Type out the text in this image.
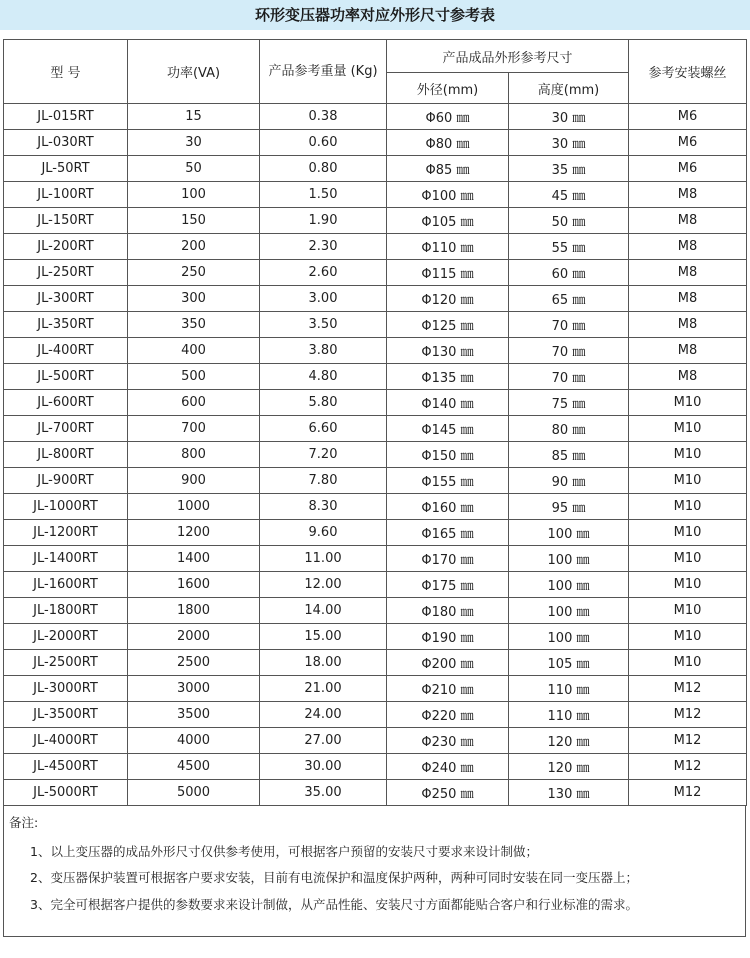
环形变压器功率对应外形尺寸参考表
型 号	功率(VA)	产品参考重量 (Kg)	产品成品外形参考尺寸		参考安装螺丝
			外径(mm)	高度(mm)	
JL-015RT	15	0.38	Φ60 ㎜	30 ㎜	M6
JL-030RT	30	0.60	Φ80 ㎜	30 ㎜	M6
JL-50RT	50	0.80	Φ85 ㎜	35 ㎜	M6
JL-100RT	100	1.50	Φ100 ㎜	45 ㎜	M8
JL-150RT	150	1.90	Φ105 ㎜	50 ㎜	M8
JL-200RT	200	2.30	Φ110 ㎜	55 ㎜	M8
JL-250RT	250	2.60	Φ115 ㎜	60 ㎜	M8
JL-300RT	300	3.00	Φ120 ㎜	65 ㎜	M8
JL-350RT	350	3.50	Φ125 ㎜	70 ㎜	M8
JL-400RT	400	3.80	Φ130 ㎜	70 ㎜	M8
JL-500RT	500	4.80	Φ135 ㎜	70 ㎜	M8
JL-600RT	600	5.80	Φ140 ㎜	75 ㎜	M10
JL-700RT	700	6.60	Φ145 ㎜	80 ㎜	M10
JL-800RT	800	7.20	Φ150 ㎜	85 ㎜	M10
JL-900RT	900	7.80	Φ155 ㎜	90 ㎜	M10
JL-1000RT	1000	8.30	Φ160 ㎜	95 ㎜	M10
JL-1200RT	1200	9.60	Φ165 ㎜	100 ㎜	M10
JL-1400RT	1400	11.00	Φ170 ㎜	100 ㎜	M10
JL-1600RT	1600	12.00	Φ175 ㎜	100 ㎜	M10
JL-1800RT	1800	14.00	Φ180 ㎜	100 ㎜	M10
JL-2000RT	2000	15.00	Φ190 ㎜	100 ㎜	M10
JL-2500RT	2500	18.00	Φ200 ㎜	105 ㎜	M10
JL-3000RT	3000	21.00	Φ210 ㎜	110 ㎜	M12
JL-3500RT	3500	24.00	Φ220 ㎜	110 ㎜	M12
JL-4000RT	4000	27.00	Φ230 ㎜	120 ㎜	M12
JL-4500RT	4500	30.00	Φ240 ㎜	120 ㎜	M12
JL-5000RT	5000	35.00	Φ250 ㎜	130 ㎜	M12
备注:
1、以上变压器的成品外形尺寸仅供参考使用，可根据客户预留的安装尺寸要求来设计制做；
2、变压器保护装置可根据客户要求安装，目前有电流保护和温度保护两种，两种可同时安装在同一变压器上；
3、完全可根据客户提供的参数要求来设计制做，从产品性能、安装尺寸方面都能贴合客户和行业标准的需求。
